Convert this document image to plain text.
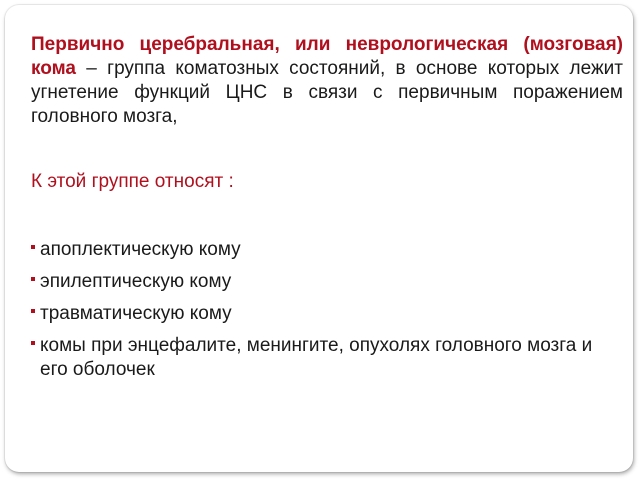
Первично церебральная, или неврологическая (мозговая) кома – группа коматозных состояний, в основе которых лежит угнетение функций ЦНС в связи с первичным поражением головного мозга,

К этой группе относят :

апоплектическую кому
эпилептическую кому
травматическую кому
комы при энцефалите, менингите, опухолях головного мозга и его оболочек
